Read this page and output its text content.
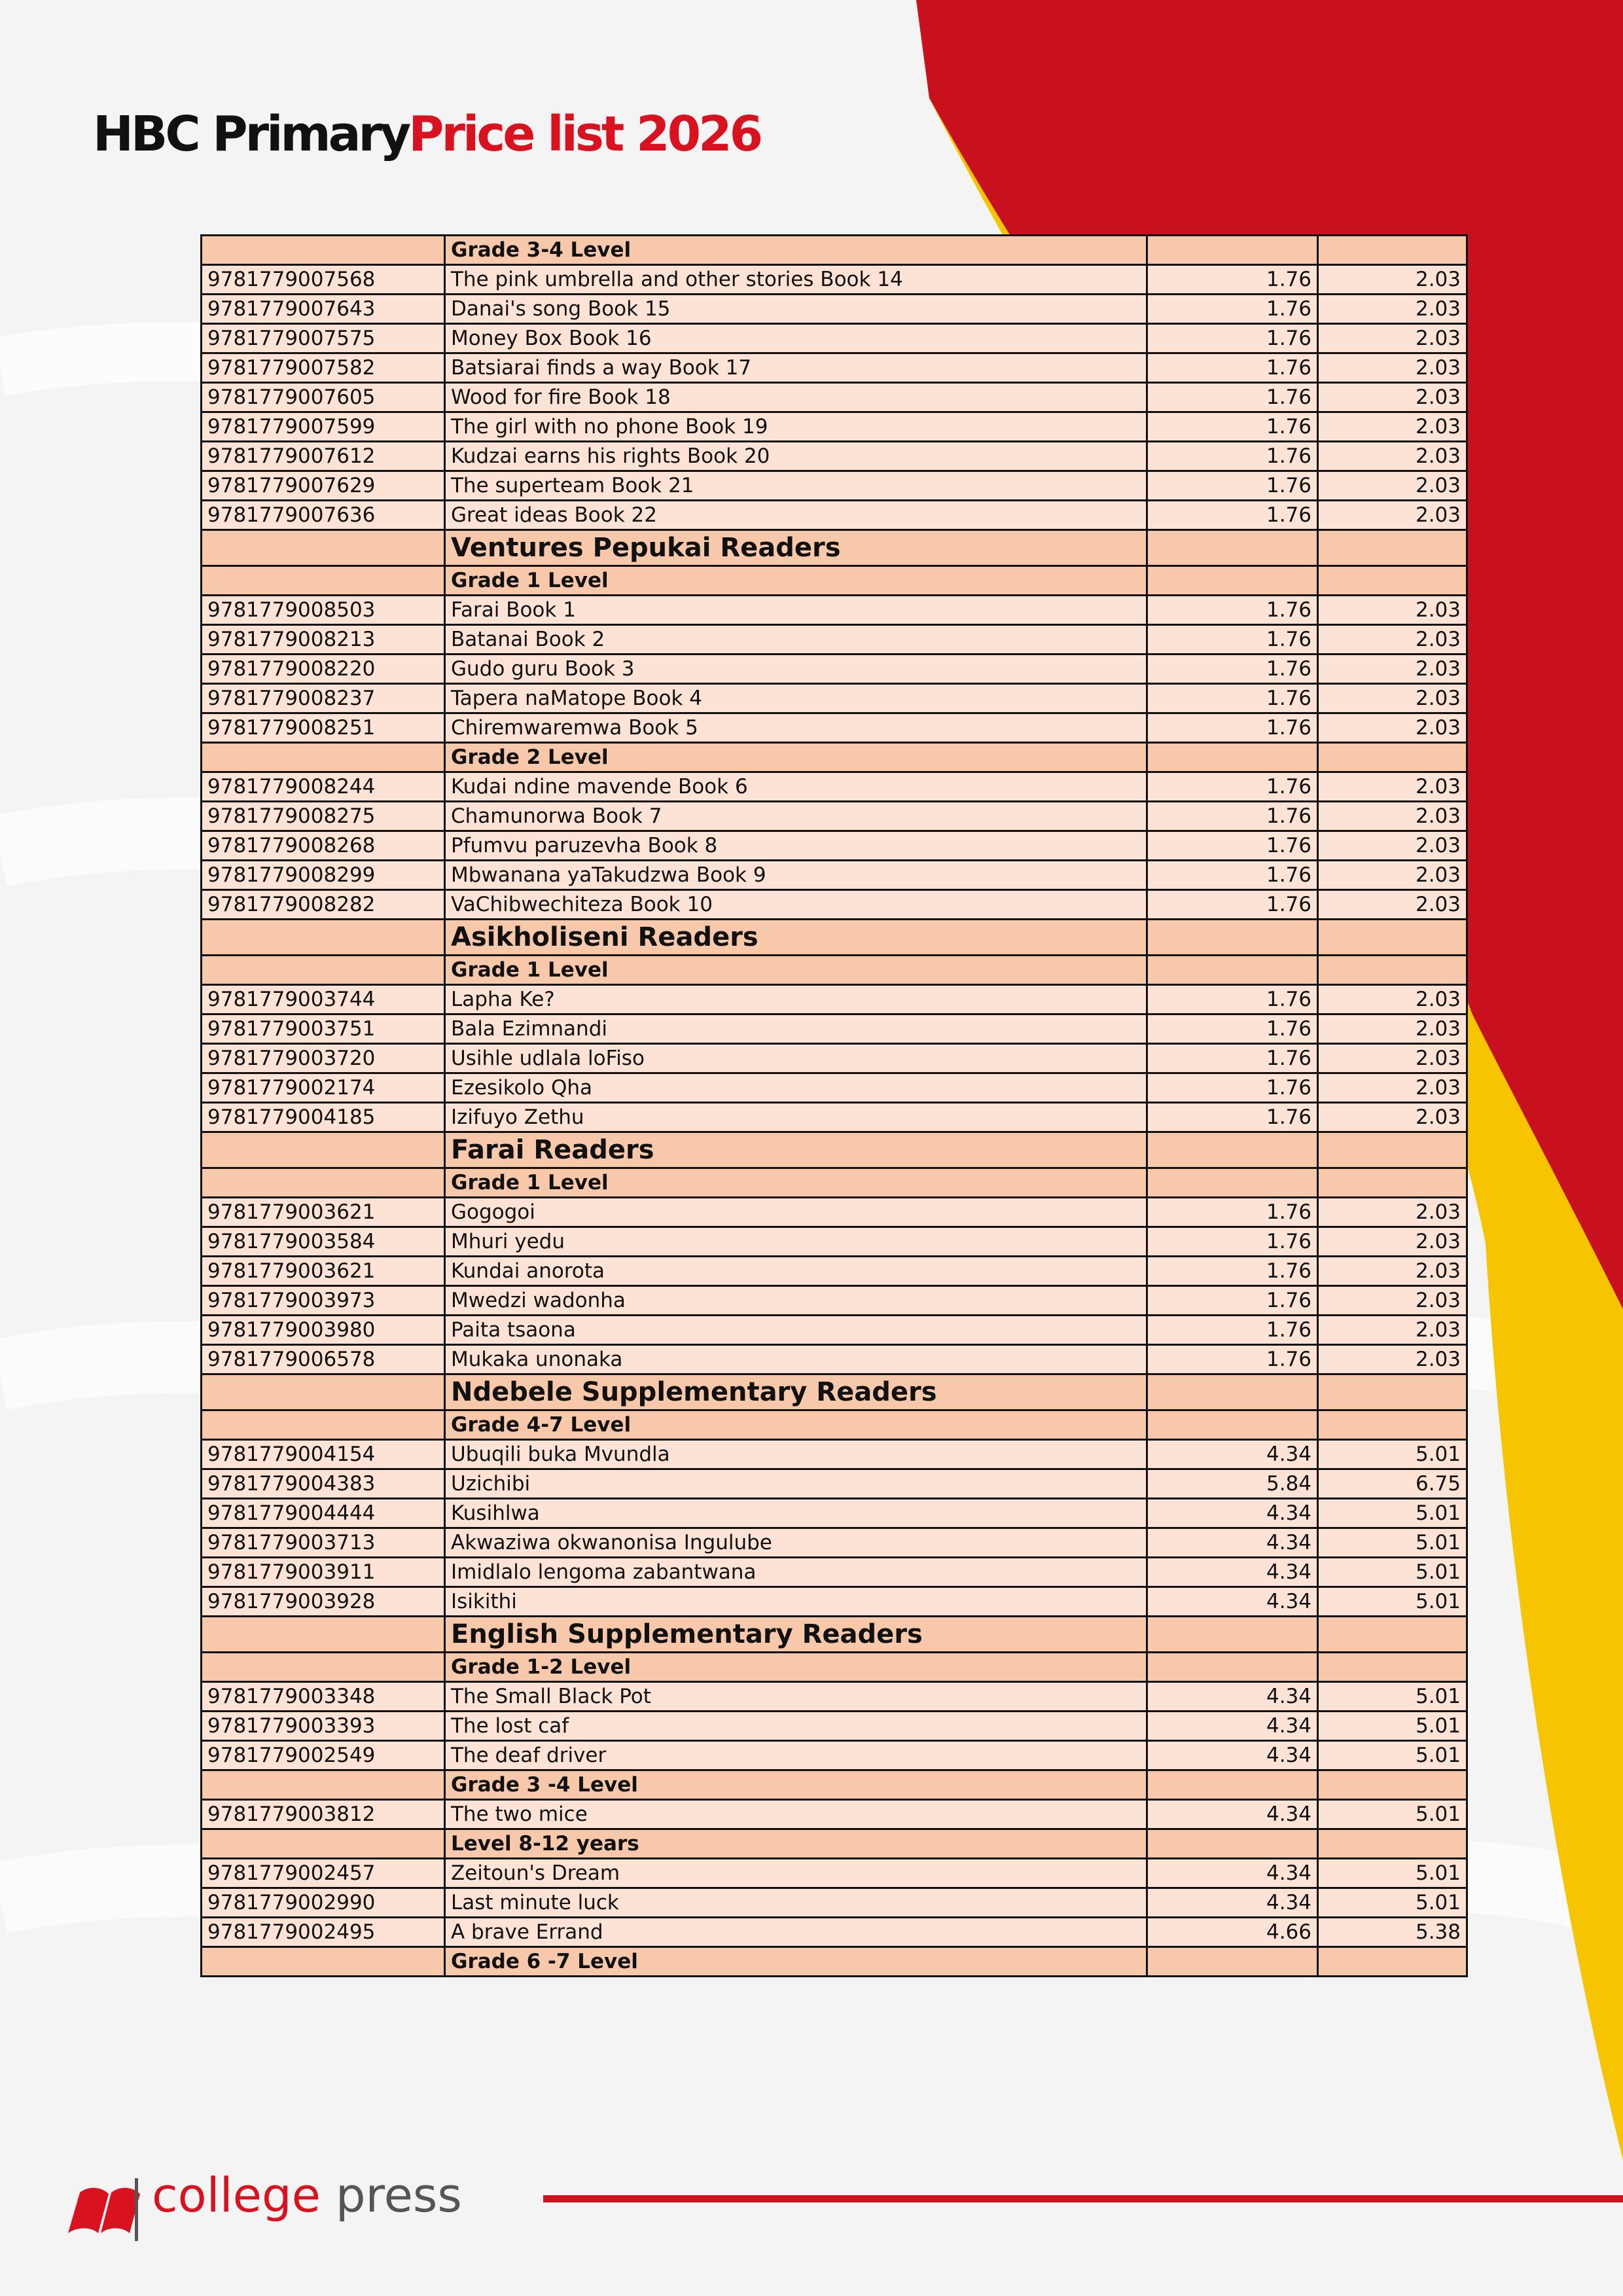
HBC PrimaryPrice list 2026
	Grade 3-4 Level		
9781779007568	The pink umbrella and other stories Book 14	1.76	2.03
9781779007643	Danai's song Book 15	1.76	2.03
9781779007575	Money Box Book 16	1.76	2.03
9781779007582	Batsiarai finds a way Book 17	1.76	2.03
9781779007605	Wood for fire Book 18	1.76	2.03
9781779007599	The girl with no phone Book 19	1.76	2.03
9781779007612	Kudzai earns his rights Book 20	1.76	2.03
9781779007629	The superteam Book 21	1.76	2.03
9781779007636	Great ideas Book 22	1.76	2.03
	Ventures Pepukai Readers		
	Grade 1 Level		
9781779008503	Farai Book 1	1.76	2.03
9781779008213	Batanai Book 2	1.76	2.03
9781779008220	Gudo guru Book 3	1.76	2.03
9781779008237	Tapera naMatope Book 4	1.76	2.03
9781779008251	Chiremwaremwa Book 5	1.76	2.03
	Grade 2 Level		
9781779008244	Kudai ndine mavende Book 6	1.76	2.03
9781779008275	Chamunorwa Book 7	1.76	2.03
9781779008268	Pfumvu paruzevha Book 8	1.76	2.03
9781779008299	Mbwanana yaTakudzwa Book 9	1.76	2.03
9781779008282	VaChibwechiteza Book 10	1.76	2.03
	Asikholiseni Readers		
	Grade 1 Level		
9781779003744	Lapha Ke?	1.76	2.03
9781779003751	Bala Ezimnandi	1.76	2.03
9781779003720	Usihle udlala loFiso	1.76	2.03
9781779002174	Ezesikolo Qha	1.76	2.03
9781779004185	Izifuyo Zethu	1.76	2.03
	Farai Readers		
	Grade 1 Level		
9781779003621	Gogogoi	1.76	2.03
9781779003584	Mhuri yedu	1.76	2.03
9781779003621	Kundai anorota	1.76	2.03
9781779003973	Mwedzi wadonha	1.76	2.03
9781779003980	Paita tsaona	1.76	2.03
9781779006578	Mukaka unonaka	1.76	2.03
	Ndebele Supplementary Readers		
	Grade 4-7 Level		
9781779004154	Ubuqili buka Mvundla	4.34	5.01
9781779004383	Uzichibi	5.84	6.75
9781779004444	Kusihlwa	4.34	5.01
9781779003713	Akwaziwa okwanonisa Ingulube	4.34	5.01
9781779003911	Imidlalo lengoma zabantwana	4.34	5.01
9781779003928	Isikithi	4.34	5.01
	English Supplementary Readers		
	Grade 1-2 Level		
9781779003348	The Small Black Pot	4.34	5.01
9781779003393	The lost caf	4.34	5.01
9781779002549	The deaf driver	4.34	5.01
	Grade 3 -4 Level		
9781779003812	The two mice	4.34	5.01
	Level 8-12 years		
9781779002457	Zeitoun's Dream	4.34	5.01
9781779002990	Last minute luck	4.34	5.01
9781779002495	A brave Errand	4.66	5.38
	Grade 6 -7 Level		
college press
